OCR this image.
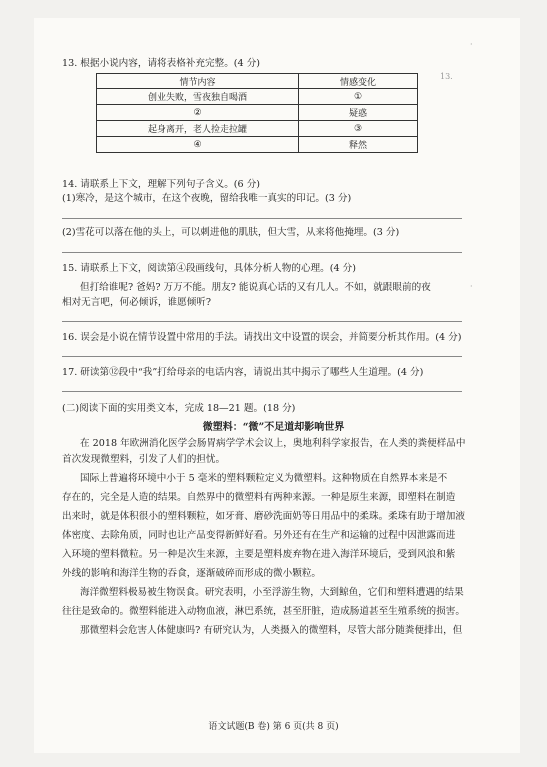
·
13.
·
13. 根据小说内容，请将表格补充完整。(4 分)
情节内容	情感变化
创业失败，雪夜独自喝酒	①
②	疑惑
起身离开，老人捡走拉罐	③
④	释然
14. 请联系上下文，理解下列句子含义。(6 分)
(1)寒冷，是这个城市，在这个夜晚，留给我唯一真实的印记。(3 分)
(2)雪花可以落在他的头上，可以刺进他的肌肤，但大雪，从来将他掩埋。(3 分)
15. 请联系上下文，阅读第④段画线句，具体分析人物的心理。(4 分)
但打给谁呢? 爸妈? 万万不能。朋友? 能说真心话的又有几人。不如，就跟眼前的夜
相对无言吧，何必倾诉，谁愿倾听?
16. 误会是小说在情节设置中常用的手法。请找出文中设置的误会，并简要分析其作用。(4 分)
17. 研读第⑫段中“我”打给母亲的电话内容，请说出其中揭示了哪些人生道理。(4 分)
(二)阅读下面的实用类文本，完成 18—21 题。(18 分)
微塑料：“微”不足道却影响世界
在 2018 年欧洲消化医学会肠胃病学学术会议上，奥地利科学家报告，在人类的粪便样品中
首次发现微塑料，引发了人们的担忧。
国际上普遍将环境中小于 5 毫米的塑料颗粒定义为微塑料。这种物质在自然界本来是不
存在的，完全是人造的结果。自然界中的微塑料有两种来源。一种是原生来源，即塑料在制造
出来时，就是体积很小的塑料颗粒，如牙膏、磨砂洗面奶等日用品中的柔珠。柔珠有助于增加液
体密度、去除角质，同时也让产品变得新鲜好看。另外还有在生产和运输的过程中因泄露而进
入环境的塑料微粒。另一种是次生来源，主要是塑料废弃物在进入海洋环境后，受到风浪和紫
外线的影响和海洋生物的吞食，逐渐破碎而形成的微小颗粒。
海洋微塑料极易被生物误食。研究表明，小至浮游生物，大到鲸鱼，它们和塑料遭遇的结果
往往是致命的。微塑料能进入动物血液，淋巴系统，甚至肝脏，造成肠道甚至生殖系统的损害。
那微塑料会危害人体健康吗? 有研究认为，人类摄入的微塑料，尽管大部分随粪便排出，但
语文试题(B 卷) 第 6 页(共 8 页)
